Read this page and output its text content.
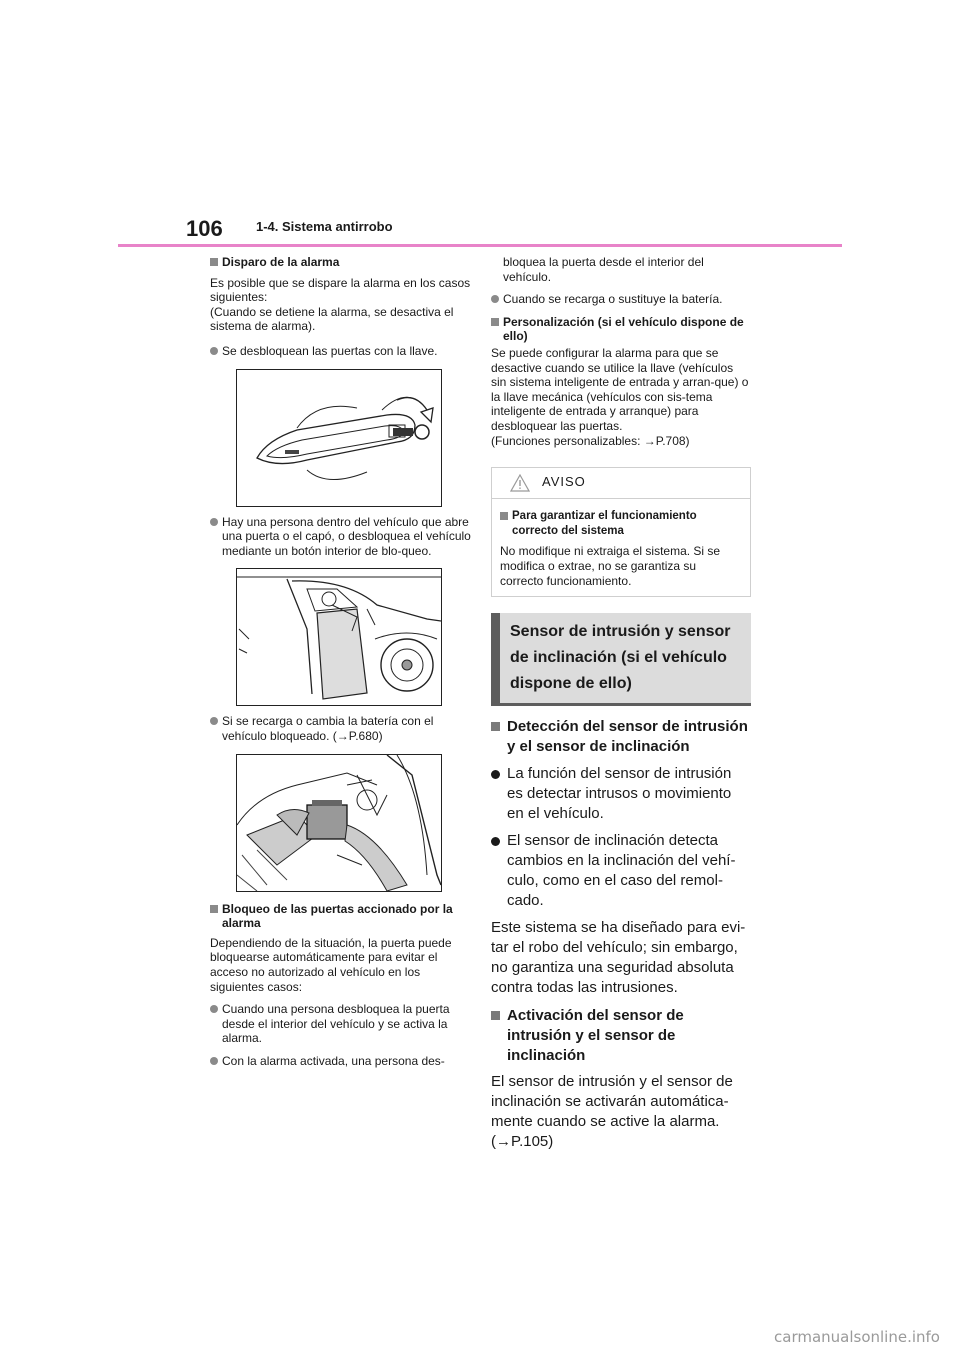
106	1-4. Sistema antirrobo

Disparo de la alarma

Es posible que se dispare la alarma en los casos siguientes:

(Cuando se detiene la alarma, se desactiva el sistema de alarma).

Se desbloquean las puertas con la llave.

Hay una persona dentro del vehículo que abre una puerta o el capó, o desbloquea el vehículo mediante un botón interior de blo-queo.

Si se recarga o cambia la batería con el vehículo bloqueado. (→P.680)

Bloqueo de las puertas accionado por la alarma

Dependiendo de la situación, la puerta puede bloquearse automáticamente para evitar el acceso no autorizado al vehículo en los siguientes casos:

Cuando una persona desbloquea la puerta desde el interior del vehículo y se activa la alarma.

Con la alarma activada, una persona des-

bloquea la puerta desde el interior del vehículo.

Cuando se recarga o sustituye la batería.

Personalización (si el vehículo dispone de ello)

Se puede configurar la alarma para que se desactive cuando se utilice la llave (vehículos sin sistema inteligente de entrada y arran-que) o la llave mecánica (vehículos con sis-tema inteligente de entrada y arranque) para desbloquear las puertas.

(Funciones personalizables: →P.708)

AVISO

Para garantizar el funcionamiento correcto del sistema

No modifique ni extraiga el sistema. Si se modifica o extrae, no se garantiza su correcto funcionamiento.

Sensor de intrusión y sensor de inclinación (si el vehículo dispone de ello)

Detección del sensor de intrusión y el sensor de inclinación

La función del sensor de intrusión es detectar intrusos o movimiento en el vehículo.

El sensor de inclinación detecta cambios en la inclinación del vehí-culo, como en el caso del remol-cado.

Este sistema se ha diseñado para evi-tar el robo del vehículo; sin embargo, no garantiza una seguridad absoluta contra todas las intrusiones.

Activación del sensor de intrusión y el sensor de inclinación

El sensor de intrusión y el sensor de inclinación se activarán automática-mente cuando se active la alarma.

(→P.105)

carmanualsonline.info
